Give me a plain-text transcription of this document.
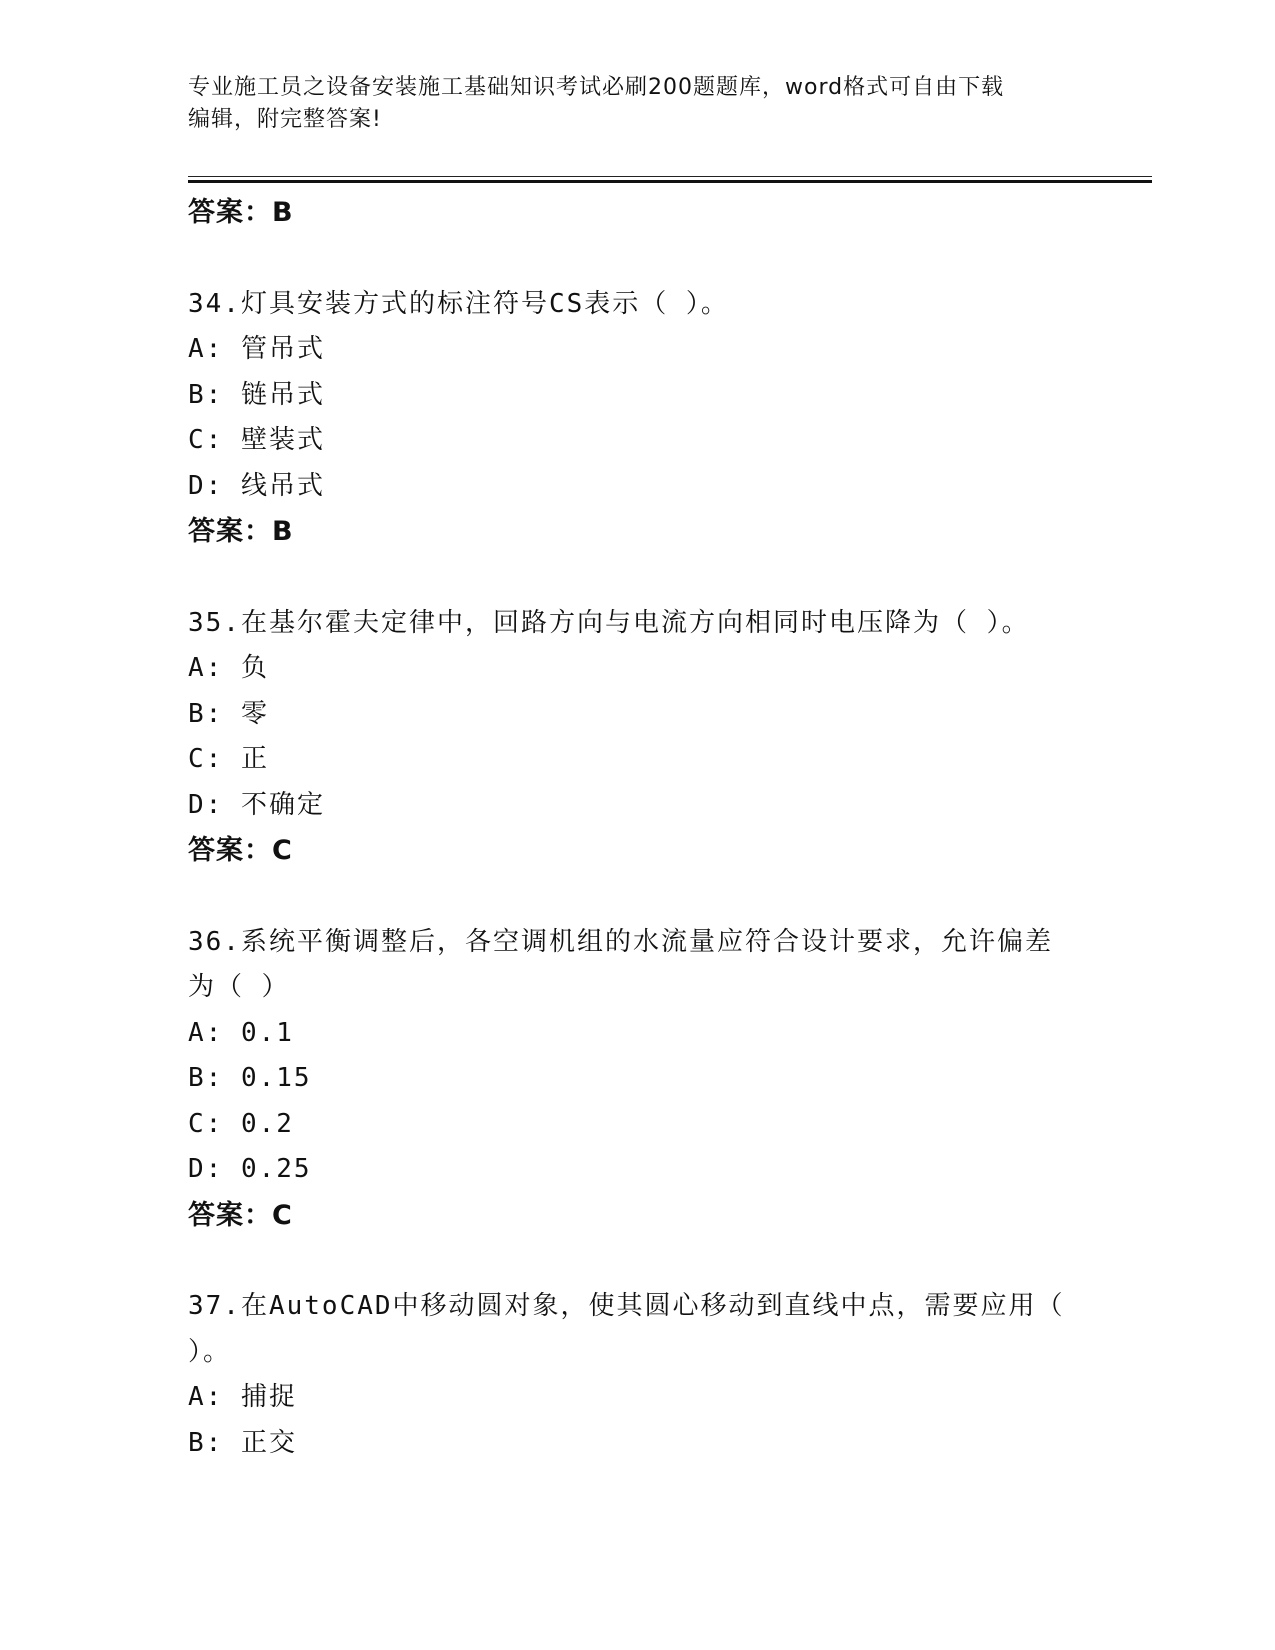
专业施工员之设备安装施工基础知识考试必刷200题题库，word格式可自由下载
编辑，附完整答案!
答案：B
34.灯具安装方式的标注符号CS表示（ ）。
A: 管吊式
B: 链吊式
C: 壁装式
D: 线吊式
答案：B
35.在基尔霍夫定律中，回路方向与电流方向相同时电压降为（ ）。
A: 负
B: 零
C: 正
D: 不确定
答案：C
36.系统平衡调整后，各空调机组的水流量应符合设计要求，允许偏差
为（ ）
A: 0.1
B: 0.15
C: 0.2
D: 0.25
答案：C
37.在AutoCAD中移动圆对象，使其圆心移动到直线中点，需要应用（
）。
A: 捕捉
B: 正交
